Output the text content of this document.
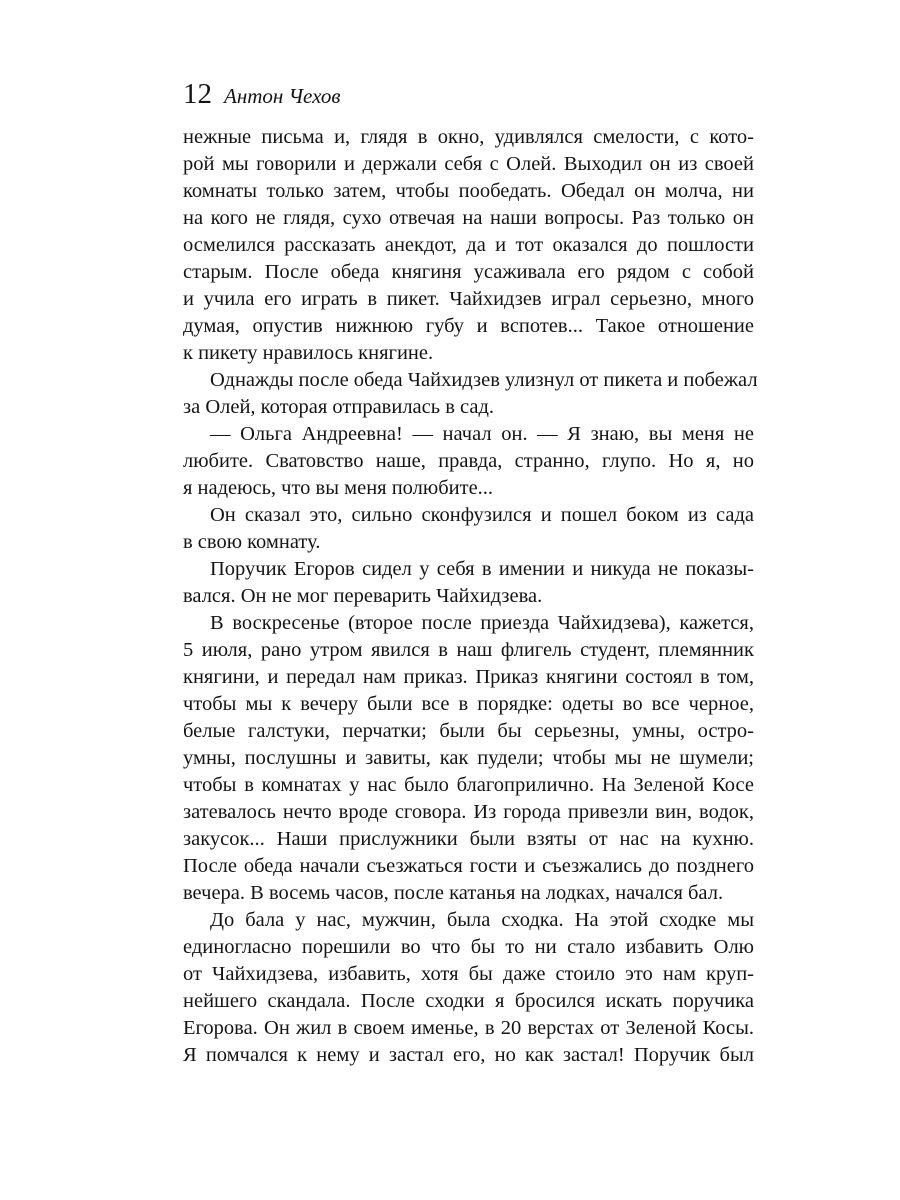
12 Антон Чехов
нежные письма и, глядя в окно, удивлялся смелости, с кото-
рой мы говорили и держали себя с Олей. Выходил он из своей
комнаты только затем, чтобы пообедать. Обедал он молча, ни
на кого не глядя, сухо отвечая на наши вопросы. Раз только он
осмелился рассказать анекдот, да и тот оказался до пошлости
старым. После обеда княгиня усаживала его рядом с собой
и учила его играть в пикет. Чайхидзев играл серьезно, много
думая, опустив нижнюю губу и вспотев... Такое отношение
к пикету нравилось княгине.
Однажды после обеда Чайхидзев улизнул от пикета и побежал
за Олей, которая отправилась в сад.
— Ольга Андреевна! — начал он. — Я знаю, вы меня не
любите. Сватовство наше, правда, странно, глупо. Но я, но
я надеюсь, что вы меня полюбите...
Он сказал это, сильно сконфузился и пошел боком из сада
в свою комнату.
Поручик Егоров сидел у себя в имении и никуда не показы-
вался. Он не мог переварить Чайхидзева.
В воскресенье (второе после приезда Чайхидзева), кажется,
5 июля, рано утром явился в наш флигель студент, племянник
княгини, и передал нам приказ. Приказ княгини состоял в том,
чтобы мы к вечеру были все в порядке: одеты во все черное,
белые галстуки, перчатки; были бы серьезны, умны, остро-
умны, послушны и завиты, как пудели; чтобы мы не шумели;
чтобы в комнатах у нас было благоприлично. На Зеленой Косе
затевалось нечто вроде сговора. Из города привезли вин, водок,
закусок... Наши прислужники были взяты от нас на кухню.
После обеда начали съезжаться гости и съезжались до позднего
вечера. В восемь часов, после катанья на лодках, начался бал.
До бала у нас, мужчин, была сходка. На этой сходке мы
единогласно порешили во что бы то ни стало избавить Олю
от Чайхидзева, избавить, хотя бы даже стоило это нам круп-
нейшего скандала. После сходки я бросился искать поручика
Егорова. Он жил в своем именье, в 20 верстах от Зеленой Косы.
Я помчался к нему и застал его, но как застал! Поручик был
